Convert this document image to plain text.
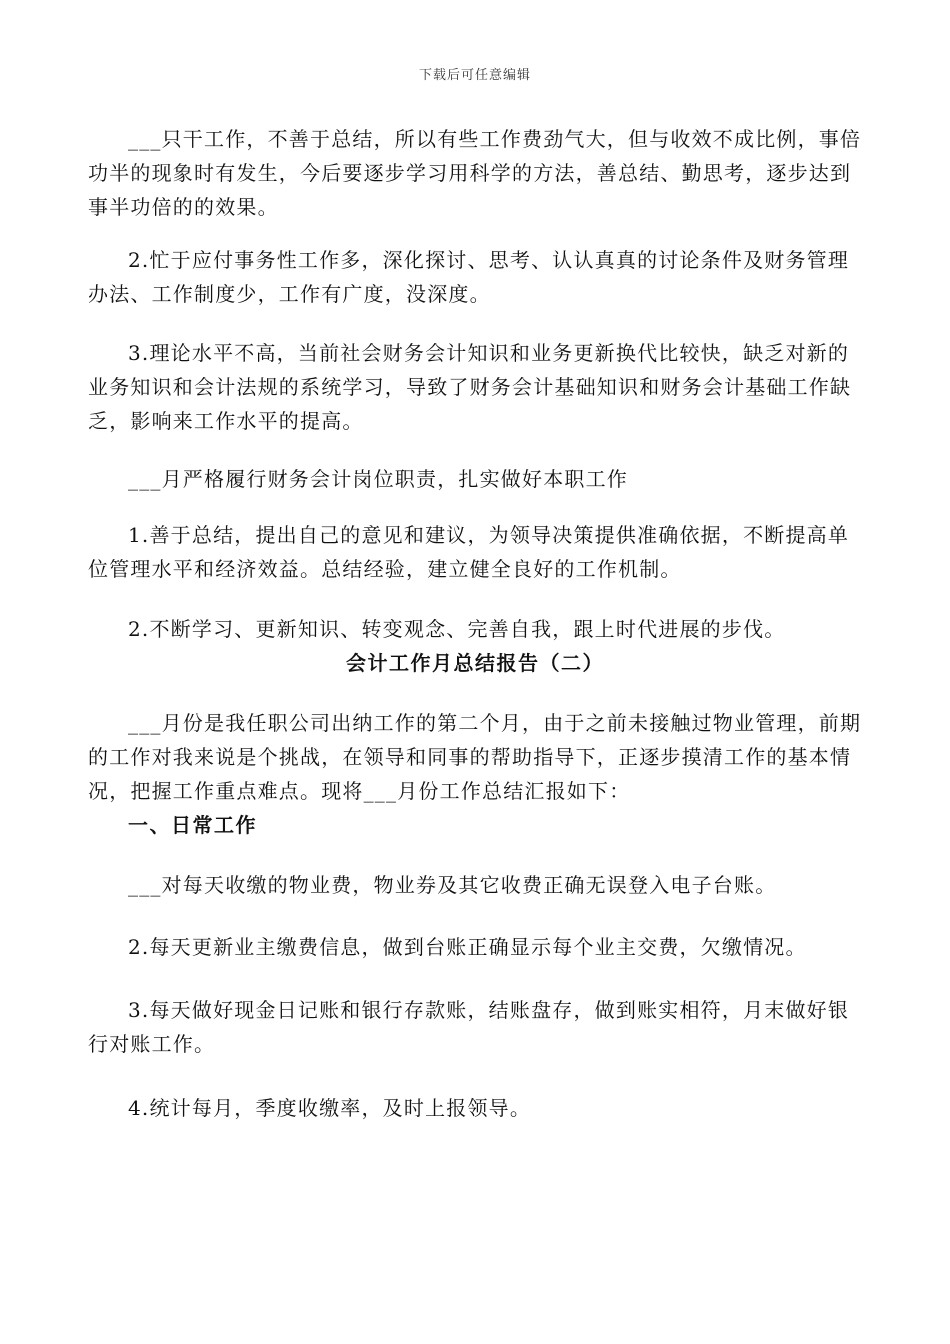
下载后可任意编辑

___只干工作，不善于总结，所以有些工作费劲气大，但与收效不成比例，事倍功半的现象时有发生，今后要逐步学习用科学的方法，善总结、勤思考，逐步达到事半功倍的的效果。

2.忙于应付事务性工作多，深化探讨、思考、认认真真的讨论条件及财务管理办法、工作制度少，工作有广度，没深度。

3.理论水平不高，当前社会财务会计知识和业务更新换代比较快，缺乏对新的业务知识和会计法规的系统学习，导致了财务会计基础知识和财务会计基础工作缺乏，影响来工作水平的提高。

___月严格履行财务会计岗位职责，扎实做好本职工作

1.善于总结，提出自己的意见和建议，为领导决策提供准确依据，不断提高单位管理水平和经济效益。总结经验，建立健全良好的工作机制。

2.不断学习、更新知识、转变观念、完善自我，跟上时代进展的步伐。

会计工作月总结报告（二）

___月份是我任职公司出纳工作的第二个月，由于之前未接触过物业管理，前期的工作对我来说是个挑战，在领导和同事的帮助指导下，正逐步摸清工作的基本情况，把握工作重点难点。现将___月份工作总结汇报如下：

一、日常工作

___对每天收缴的物业费，物业券及其它收费正确无误登入电子台账。

2.每天更新业主缴费信息，做到台账正确显示每个业主交费，欠缴情况。

3.每天做好现金日记账和银行存款账，结账盘存，做到账实相符，月末做好银行对账工作。

4.统计每月，季度收缴率，及时上报领导。
